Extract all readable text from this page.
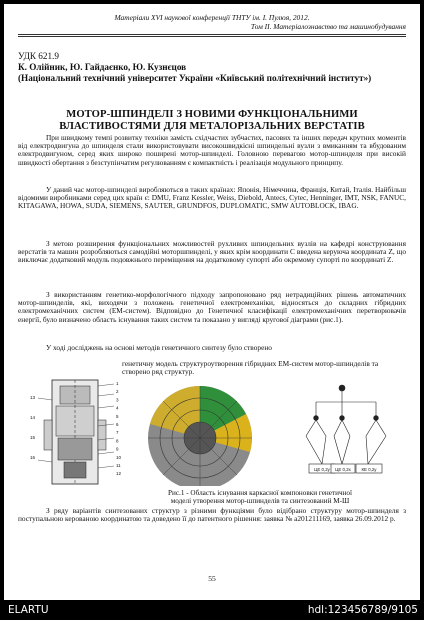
Матеріали XVI наукової конференції ТНТУ ім. І. Пулюя, 2012.
Том ІІ. Матеріалознавство та машинобудування
УДК 621.9
К. Олійник, Ю. Гайдаєнко, Ю. Кузнєцов
(Національний технічний університет України «Київський політехнічний інститут»)
МОТОР-ШПИНДЕЛІ З НОВИМИ ФУНКЦІОНАЛЬНИМИ
ВЛАСТИВОСТЯМИ ДЛЯ МЕТАЛОРІЗАЛЬНИХ ВЕРСТАТІВ

При швидкому темпі розвитку техніки замість східчастих зубчастих, пасових та інших передач крутних моментів від електродвигуна до шпинделя стали використовувати високошвидкісні шпиндельні вузли з вмиканням та вбудованим електродвигуном, серед яких широко поширені мотор-шпинделі. Головною перевагою мотор-шпинделя при високій швидкості обертання з безступінчатим регулюванням є компактність і реалізація модульного принципу.

У даний час мотор-шпинделі виробляються в таких країнах: Японія, Німеччина, Франція, Китай, Італія. Найбільш відомими виробниками серед цих країн є: DMU, Franz Kessler, Weiss, Diebold, Antecs, Cytec, Henninger, IMT, NSK, FANUC, KITAGAWA, HOWA, SUDA, SIEMENS, SAUTER, GRUNDFOS, DUPLOMATIC, SMW AUTOBLOCK, IBAG.

З метою розширення функціональних можливостей рухливих шпиндельних вузлів на кафедрі конструювання верстатів та машин розробляються самодійні моторшпинделі, у яких крім координати C введена керуюча координата Z, що виключає додатковий модуль подовжнього переміщення на додатковому супорті або окремому супорті по координаті Z.

З використанням генетико-морфологічного підходу запропоновано ряд нетрадиційних рішень автоматичних мотор-шпинделів, які, виходячи з положень генетичної електромеханіки, відносяться до складних гібридних електромеханічних систем (ЕМ-систем). Відповідно до Генетичної класифікації електромеханічних перетворювачів енергії, було визначено область існування таких систем та показано у вигляді кругової діаграми (рис.1).

У ході досліджень на основі методів генетичного синтезу було створено

генетичну модель структуроутворення гібридних ЕМ-систем мотор-шпинделів та створено ряд структур.
1
2
3
4
5
6
7
8
9
10
11
12
13
14
15
16
ЦЕ 0,2у ЦЕ 0,2х КЕ 0,2у
Рис.1 - Область існування каркасної компоновки генетичної
моделі утворення мотор-шпинделів та синтезований М-Ш

З ряду варіантів синтезованих структур з різними функціями було відібрано структуру мотор-шпинделя з поступальною керованою координатою та доведено її до патентного рішення: заявка № а201211169, заявка 26.09.2012 р.

55
ELARTU	hdl:123456789/9105
